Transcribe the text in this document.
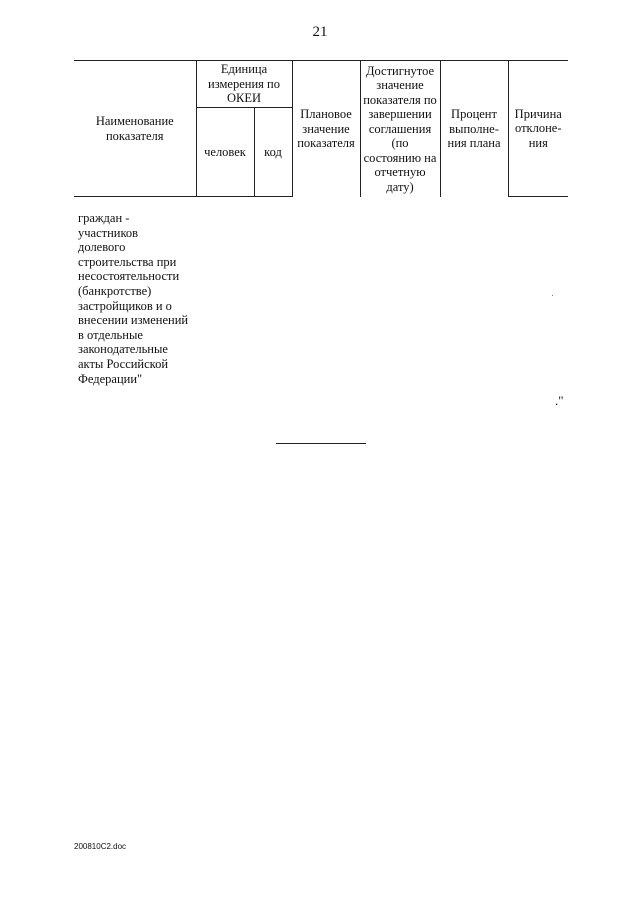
21
Наименование показателя	Единица измерения по ОКЕИ		Плановое значение показателя	Достигнутое значение показателя по завершении соглашения (по состоянию на отчетную дату)	Процент выполне-ния плана	Причина отклоне-ния
	человек	код				
граждан -
участников
долевого
строительства при
несостоятельности
(банкротстве)
застройщиков и о
внесении изменений
в отдельные
законодательные
акты Российской
Федерации"
."
200810C2.doc
